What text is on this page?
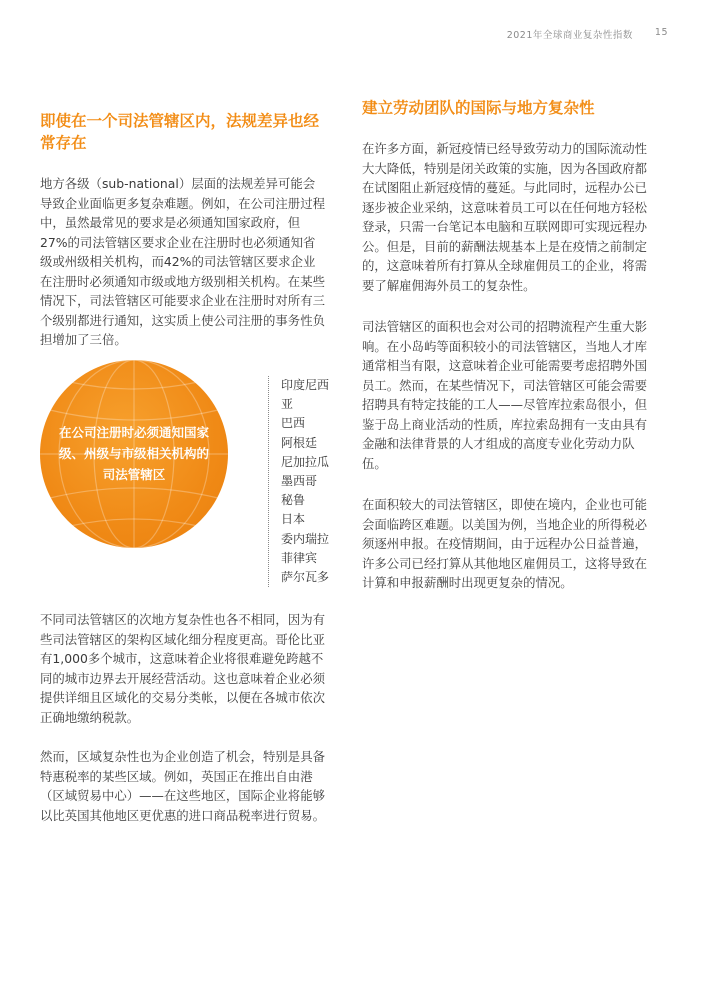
2021年全球商业复杂性指数 15
即使在一个司法管辖区内，法规差异也经常存在

地方各级（sub-national）层面的法规差异可能会导致企业面临更多复杂难题。例如，在公司注册过程中，虽然最常见的要求是必须通知国家政府，但27%的司法管辖区要求企业在注册时也必须通知省级或州级相关机构，而42%的司法管辖区要求企业在注册时必须通知市级或地方级别相关机构。在某些情况下，司法管辖区可能要求企业在注册时对所有三个级别都进行通知，这实质上使公司注册的事务性负担增加了三倍。

在公司注册时必须通知国家级、州级与市级相关机构的司法管辖区
印度尼西亚
巴西
阿根廷
尼加拉瓜
墨西哥
秘鲁
日本
委内瑞拉
菲律宾
萨尔瓦多

不同司法管辖区的次地方复杂性也各不相同，因为有些司法管辖区的架构区域化细分程度更高。哥伦比亚有1,000多个城市，这意味着企业将很难避免跨越不同的城市边界去开展经营活动。这也意味着企业必须提供详细且区域化的交易分类帐，以便在各城市依次正确地缴纳税款。

然而，区域复杂性也为企业创造了机会，特别是具备特惠税率的某些区域。例如，英国正在推出自由港（区域贸易中心）——在这些地区，国际企业将能够以比英国其他地区更优惠的进口商品税率进行贸易。

建立劳动团队的国际与地方复杂性

在许多方面，新冠疫情已经导致劳动力的国际流动性大大降低，特别是闭关政策的实施，因为各国政府都在试图阻止新冠疫情的蔓延。与此同时，远程办公已逐步被企业采纳，这意味着员工可以在任何地方轻松登录，只需一台笔记本电脑和互联网即可实现远程办公。但是，目前的薪酬法规基本上是在疫情之前制定的，这意味着所有打算从全球雇佣员工的企业，将需要了解雇佣海外员工的复杂性。

司法管辖区的面积也会对公司的招聘流程产生重大影响。在小岛屿等面积较小的司法管辖区，当地人才库通常相当有限，这意味着企业可能需要考虑招聘外国员工。然而，在某些情况下，司法管辖区可能会需要招聘具有特定技能的工人——尽管库拉索岛很小，但鉴于岛上商业活动的性质，库拉索岛拥有一支由具有金融和法律背景的人才组成的高度专业化劳动力队伍。

在面积较大的司法管辖区，即使在境内，企业也可能会面临跨区难题。以美国为例，当地企业的所得税必须逐州申报。在疫情期间，由于远程办公日益普遍，许多公司已经打算从其他地区雇佣员工，这将导致在计算和申报薪酬时出现更复杂的情况。
